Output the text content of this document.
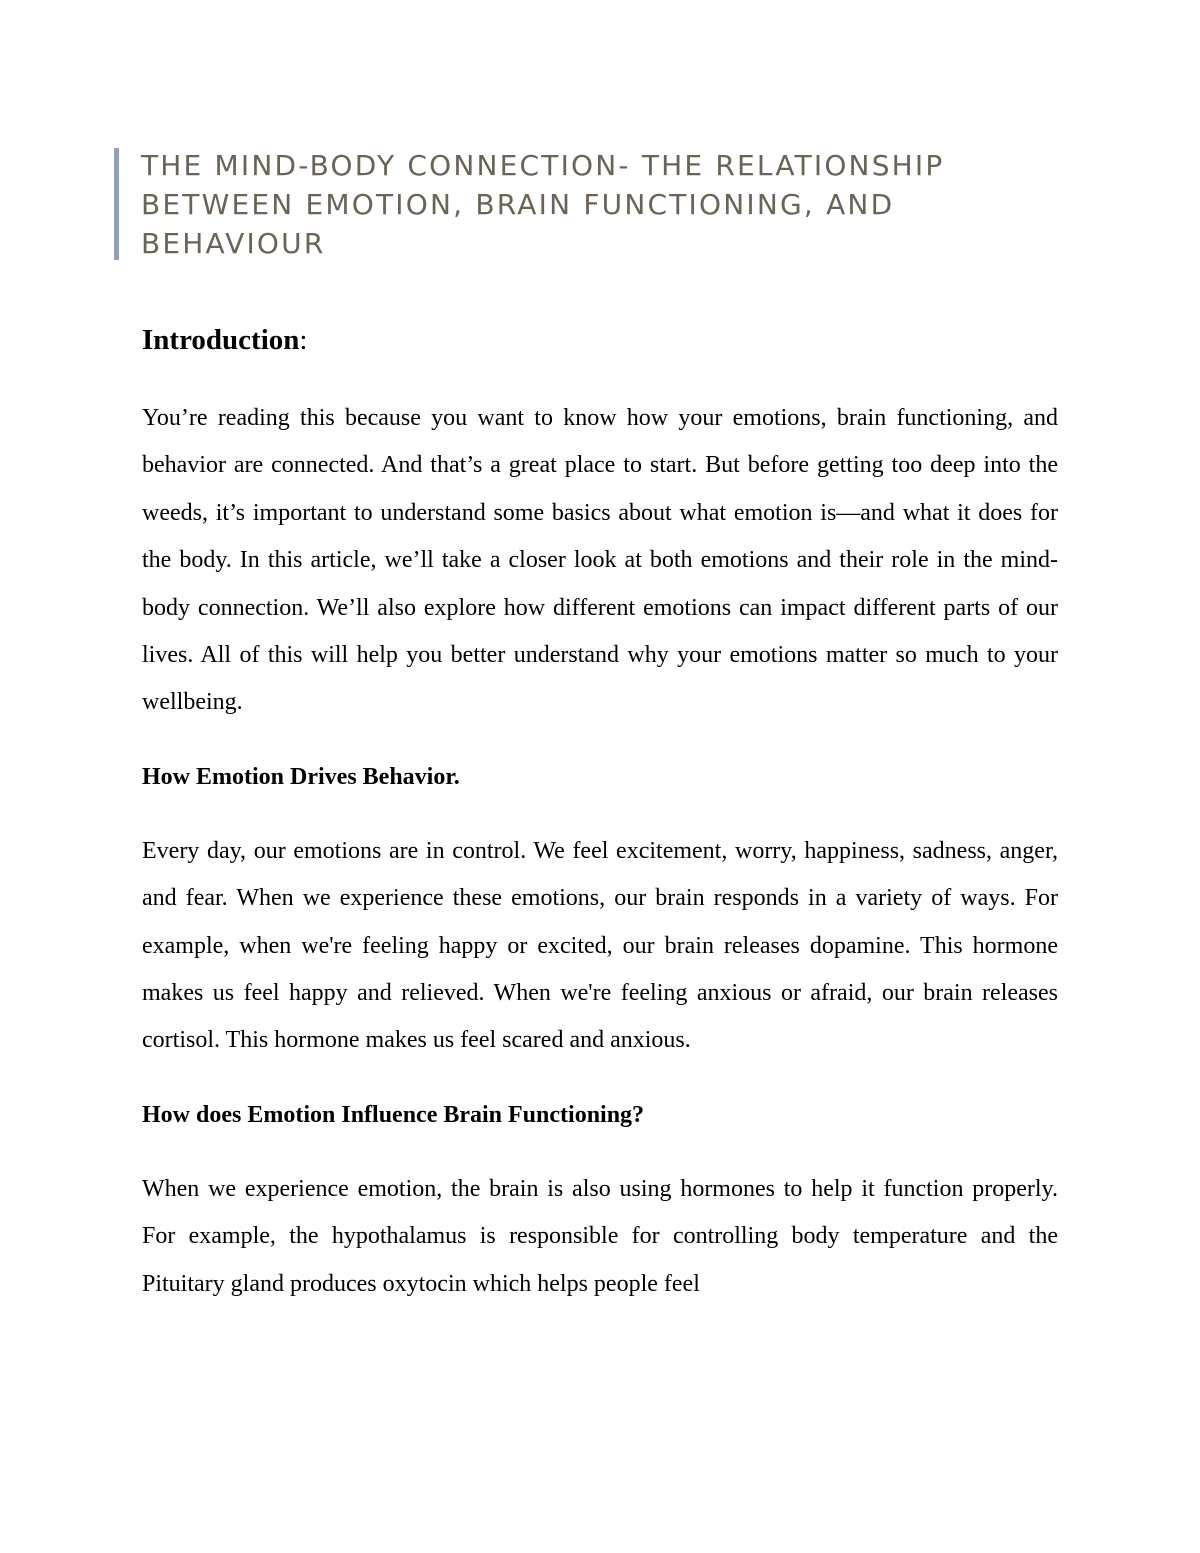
THE MIND-BODY CONNECTION- THE RELATIONSHIP BETWEEN EMOTION, BRAIN FUNCTIONING, AND BEHAVIOUR
Introduction:

You’re reading this because you want to know how your emotions, brain functioning, and behavior are connected. And that’s a great place to start. But before getting too deep into the weeds, it’s important to understand some basics about what emotion is—and what it does for the body. In this article, we’ll take a closer look at both emotions and their role in the mind-body connection. We’ll also explore how different emotions can impact different parts of our lives. All of this will help you better understand why your emotions matter so much to your wellbeing.

How Emotion Drives Behavior.

Every day, our emotions are in control. We feel excitement, worry, happiness, sadness, anger, and fear. When we experience these emotions, our brain responds in a variety of ways. For example, when we're feeling happy or excited, our brain releases dopamine. This hormone makes us feel happy and relieved. When we're feeling anxious or afraid, our brain releases cortisol. This hormone makes us feel scared and anxious.

How does Emotion Influence Brain Functioning?

When we experience emotion, the brain is also using hormones to help it function properly. For example, the hypothalamus is responsible for controlling body temperature and the Pituitary gland produces oxytocin which helps people feel
